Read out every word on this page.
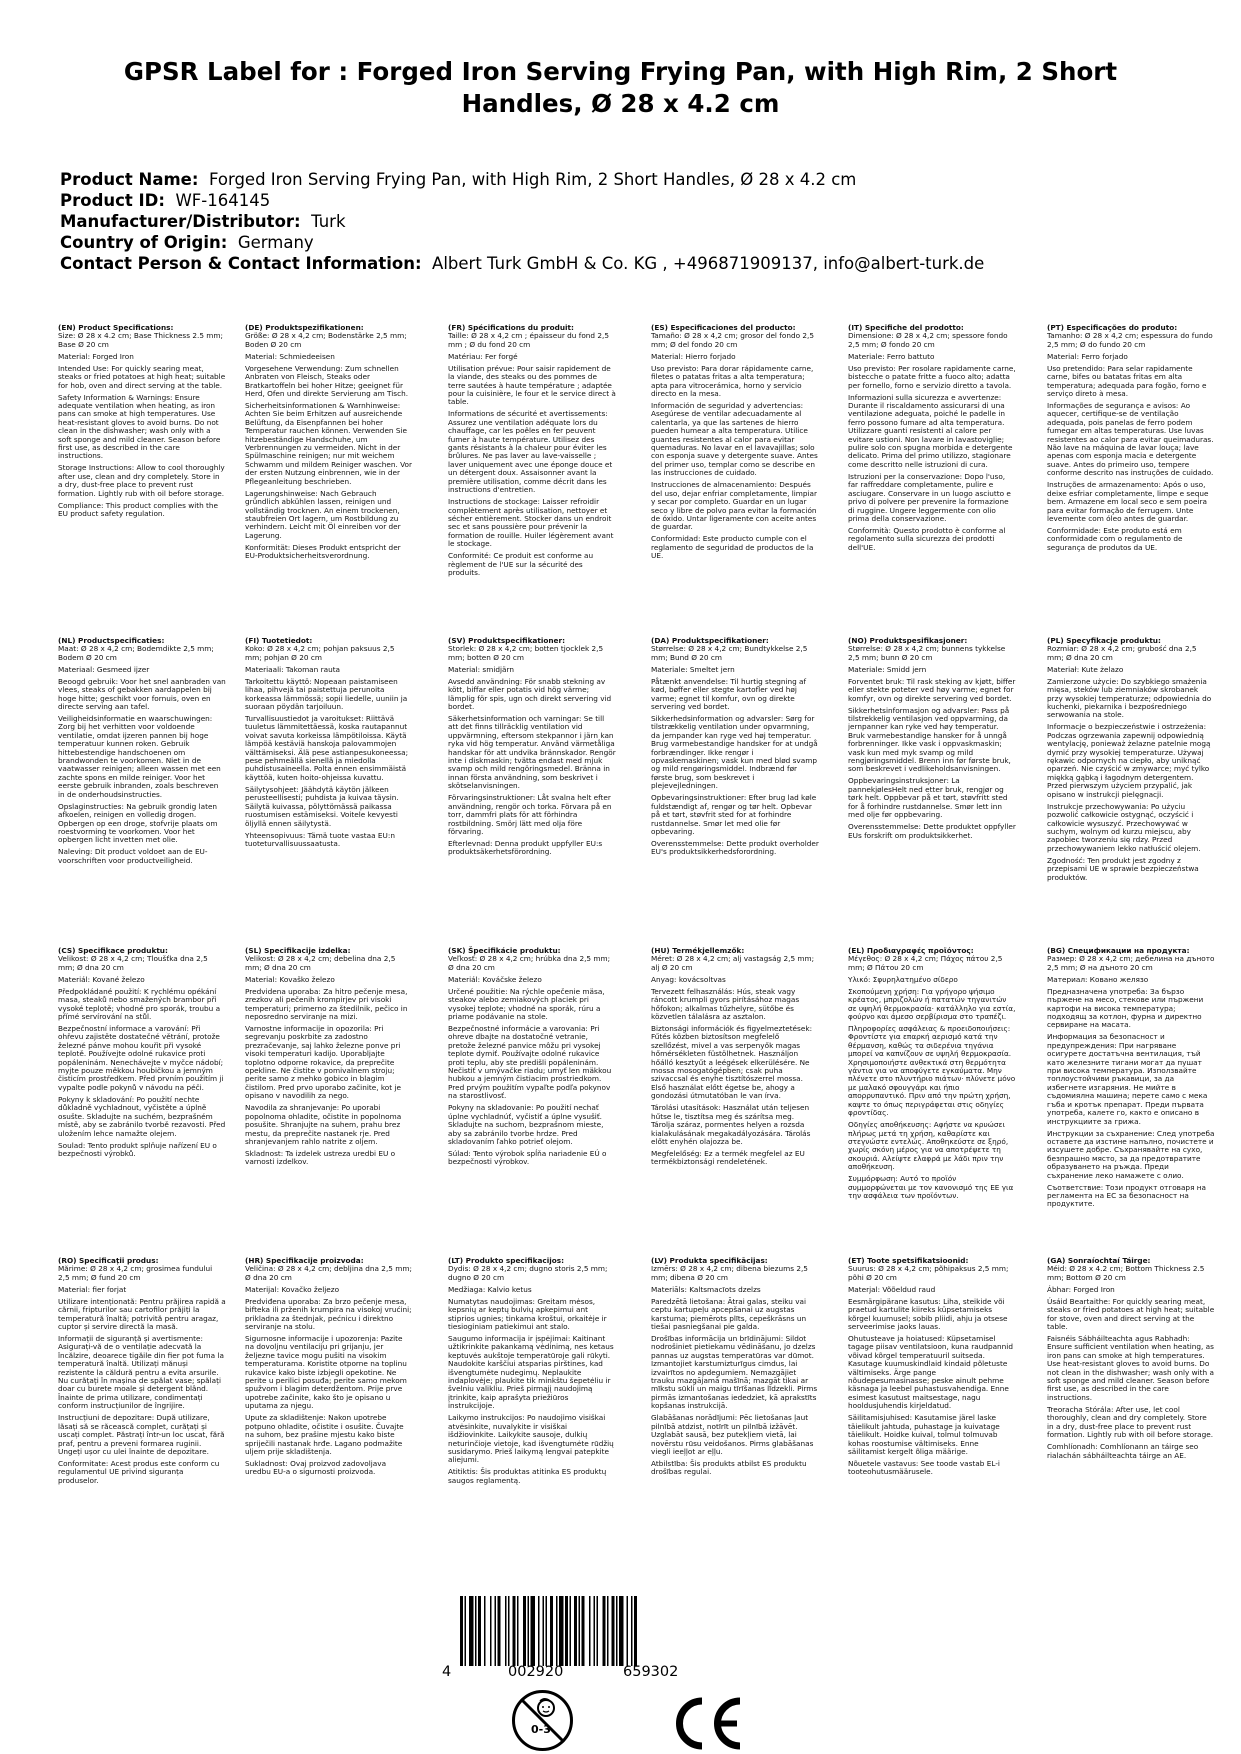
GPSR Label for : Forged Iron Serving Frying Pan, with High Rim, 2 Short Handles, Ø 28 x 4.2 cm
Product Name: Forged Iron Serving Frying Pan, with High Rim, 2 Short Handles, Ø 28 x 4.2 cm
Product ID: WF-164145
Manufacturer/Distributor: Turk
Country of Origin: Germany
Contact Person & Contact Information: Albert Turk GmbH & Co. KG , +496871909137, info@albert-turk.de
(EN) Product Specifications:

Size: Ø 28 x 4.2 cm; Base Thickness 2.5 mm; Base Ø 20 cm

Material: Forged Iron

Intended Use: For quickly searing meat, steaks or fried potatoes at high heat; suitable for hob, oven and direct serving at the table.

Safety Information & Warnings: Ensure adequate ventilation when heating, as iron pans can smoke at high temperatures. Use heat-resistant gloves to avoid burns. Do not clean in the dishwasher; wash only with a soft sponge and mild cleaner. Season before first use, as described in the care instructions.

Storage Instructions: Allow to cool thoroughly after use, clean and dry completely. Store in a dry, dust-free place to prevent rust formation. Lightly rub with oil before storage.

Compliance: This product complies with the EU product safety regulation.

(DE) Produktspezifikationen:

Größe: Ø 28 x 4,2 cm; Bodenstärke 2,5 mm; Boden Ø 20 cm

Material: Schmiedeeisen

Vorgesehene Verwendung: Zum schnellen Anbraten von Fleisch, Steaks oder Bratkartoffeln bei hoher Hitze; geeignet für Herd, Ofen und direkte Servierung am Tisch.

Sicherheitsinformationen & Warnhinweise: Achten Sie beim Erhitzen auf ausreichende Belüftung, da Eisenpfannen bei hoher Temperatur rauchen können. Verwenden Sie hitzebeständige Handschuhe, um Verbrennungen zu vermeiden. Nicht in der Spülmaschine reinigen; nur mit weichem Schwamm und mildem Reiniger waschen. Vor der ersten Nutzung einbrennen, wie in der Pflegeanleitung beschrieben.

Lagerungshinweise: Nach Gebrauch gründlich abkühlen lassen, reinigen und vollständig trocknen. An einem trockenen, staubfreien Ort lagern, um Rostbildung zu verhindern. Leicht mit Öl einreiben vor der Lagerung.

Konformität: Dieses Produkt entspricht der EU-Produktsicherheitsverordnung.

(FR) Spécifications du produit:

Taille: Ø 28 x 4,2 cm ; épaisseur du fond 2,5 mm ; Ø du fond 20 cm

Matériau: Fer forgé

Utilisation prévue: Pour saisir rapidement de la viande, des steaks ou des pommes de terre sautées à haute température ; adaptée pour la cuisinière, le four et le service direct à table.

Informations de sécurité et avertissements: Assurez une ventilation adéquate lors du chauffage, car les poêles en fer peuvent fumer à haute température. Utilisez des gants résistants à la chaleur pour éviter les brûlures. Ne pas laver au lave-vaisselle ; laver uniquement avec une éponge douce et un détergent doux. Assaisonner avant la première utilisation, comme décrit dans les instructions d'entretien.

Instructions de stockage: Laisser refroidir complètement après utilisation, nettoyer et sécher entièrement. Stocker dans un endroit sec et sans poussière pour prévenir la formation de rouille. Huiler légèrement avant le stockage.

Conformité: Ce produit est conforme au règlement de l'UE sur la sécurité des produits.

(ES) Especificaciones del producto:

Tamaño: Ø 28 x 4,2 cm; grosor del fondo 2,5 mm; Ø del fondo 20 cm

Material: Hierro forjado

Uso previsto: Para dorar rápidamente carne, filetes o patatas fritas a alta temperatura; apta para vitrocerámica, horno y servicio directo en la mesa.

Información de seguridad y advertencias: Asegúrese de ventilar adecuadamente al calentarla, ya que las sartenes de hierro pueden humear a alta temperatura. Utilice guantes resistentes al calor para evitar quemaduras. No lavar en el lavavajillas; solo con esponja suave y detergente suave. Antes del primer uso, templar como se describe en las instrucciones de cuidado.

Instrucciones de almacenamiento: Después del uso, dejar enfriar completamente, limpiar y secar por completo. Guardar en un lugar seco y libre de polvo para evitar la formación de óxido. Untar ligeramente con aceite antes de guardar.

Conformidad: Este producto cumple con el reglamento de seguridad de productos de la UE.

(IT) Specifiche del prodotto:

Dimensione: Ø 28 x 4,2 cm; spessore fondo 2,5 mm; Ø fondo 20 cm

Materiale: Ferro battuto

Uso previsto: Per rosolare rapidamente carne, bistecche o patate fritte a fuoco alto; adatta per fornello, forno e servizio diretto a tavola.

Informazioni sulla sicurezza e avvertenze: Durante il riscaldamento assicurarsi di una ventilazione adeguata, poiché le padelle in ferro possono fumare ad alta temperatura. Utilizzare guanti resistenti al calore per evitare ustioni. Non lavare in lavastoviglie; pulire solo con spugna morbida e detergente delicato. Prima del primo utilizzo, stagionare come descritto nelle istruzioni di cura.

Istruzioni per la conservazione: Dopo l'uso, far raffreddare completamente, pulire e asciugare. Conservare in un luogo asciutto e privo di polvere per prevenire la formazione di ruggine. Ungere leggermente con olio prima della conservazione.

Conformità: Questo prodotto è conforme al regolamento sulla sicurezza dei prodotti dell'UE.

(PT) Especificações do produto:

Tamanho: Ø 28 x 4,2 cm; espessura do fundo 2,5 mm; Ø do fundo 20 cm

Material: Ferro forjado

Uso pretendido: Para selar rapidamente carne, bifes ou batatas fritas em alta temperatura; adequada para fogão, forno e serviço direto à mesa.

Informações de segurança e avisos: Ao aquecer, certifique-se de ventilação adequada, pois panelas de ferro podem fumegar em altas temperaturas. Use luvas resistentes ao calor para evitar queimaduras. Não lave na máquina de lavar louça; lave apenas com esponja macia e detergente suave. Antes do primeiro uso, tempere conforme descrito nas instruções de cuidado.

Instruções de armazenamento: Após o uso, deixe esfriar completamente, limpe e seque bem. Armazene em local seco e sem poeira para evitar formação de ferrugem. Unte levemente com óleo antes de guardar.

Conformidade: Este produto está em conformidade com o regulamento de segurança de produtos da UE.

(NL) Productspecificaties:

Maat: Ø 28 x 4,2 cm; Bodemdikte 2,5 mm; Bodem Ø 20 cm

Materiaal: Gesmeed ijzer

Beoogd gebruik: Voor het snel aanbraden van vlees, steaks of gebakken aardappelen bij hoge hitte; geschikt voor fornuis, oven en directe serving aan tafel.

Veiligheidsinformatie en waarschuwingen: Zorg bij het verhitten voor voldoende ventilatie, omdat ijzeren pannen bij hoge temperatuur kunnen roken. Gebruik hittebestendige handschoenen om brandwonden te voorkomen. Niet in de vaatwasser reinigen; alleen wassen met een zachte spons en milde reiniger. Voor het eerste gebruik inbranden, zoals beschreven in de onderhoudsinstructies.

Opslaginstructies: Na gebruik grondig laten afkoelen, reinigen en volledig drogen. Opbergen op een droge, stofvrije plaats om roestvorming te voorkomen. Voor het opbergen licht invetten met olie.

Naleving: Dit product voldoet aan de EU-voorschriften voor productveiligheid.

(FI) Tuotetiedot:

Koko: Ø 28 x 4,2 cm; pohjan paksuus 2,5 mm; pohjan Ø 20 cm

Materiaali: Takoman rauta

Tarkoitettu käyttö: Nopeaan paistamiseen lihaa, pihvejä tai paistettuja perunoita korkeassa lämmössä; sopii liedelle, uuniin ja suoraan pöydän tarjoiluun.

Turvallisuustiedot ja varoitukset: Riittävä tuuletus lämmitettäessä, koska rautapannut voivat savuta korkeissa lämpötiloissa. Käytä lämpöä kestäviä hanskoja palovammojen välttämiseksi. Älä pese astianpesukoneessa; pese pehmeällä sienellä ja miedolla puhdistusaineella. Polta ennen ensimmäistä käyttöä, kuten hoito-ohjeissa kuvattu.

Säilytysohjeet: Jäähdytä käytön jälkeen perusteellisesti; puhdista ja kuivaa täysin. Säilytä kuivassa, pölyttömässä paikassa ruostumisen estämiseksi. Voitele kevyesti öljyllä ennen säilytystä.

Yhteensopivuus: Tämä tuote vastaa EU:n tuoteturvallisuussaatusta.

(SV) Produktspecifikationer:

Storlek: Ø 28 x 4,2 cm; botten tjocklek 2,5 mm; botten Ø 20 cm

Material: smidjärn

Avsedd användning: För snabb stekning av kött, biffar eller potatis vid hög värme; lämplig för spis, ugn och direkt servering vid bordet.

Säkerhetsinformation och varningar: Se till att det finns tillräcklig ventilation vid uppvärmning, eftersom stekpannor i järn kan ryka vid hög temperatur. Använd värmetåliga handskar för att undvika brännskador. Rengör inte i diskmaskin; tvätta endast med mjuk svamp och mild rengöringsmedel. Bränna in innan första användning, som beskrivet i skötselanvisningen.

Förvaringsinstruktioner: Låt svalna helt efter användning, rengör och torka. Förvara på en torr, dammfri plats för att förhindra rostbildning. Smörj lätt med olja före förvaring.

Efterlevnad: Denna produkt uppfyller EU:s produktsäkerhetsförordning.

(DA) Produktspecifikationer:

Størrelse: Ø 28 x 4,2 cm; Bundtykkelse 2,5 mm; Bund Ø 20 cm

Materiale: Smeltet jern

Påtænkt anvendelse: Til hurtig stegning af kød, bøffer eller stegte kartofler ved høj varme; egnet til komfur, ovn og direkte servering ved bordet.

Sikkerhedsinformation og advarsler: Sørg for tilstrækkelig ventilation under opvarmning, da jernpander kan ryge ved høj temperatur. Brug varmebestandige handsker for at undgå forbrændinger. Ikke rengør i opvaskemaskinen; vask kun med blød svamp og mild rengøringsmiddel. Indbrænd før første brug, som beskrevet i plejevejledningen.

Opbevaringsinstruktioner: Efter brug lad køle fuldstændigt af, rengør og tør helt. Opbevar på et tørt, støvfrit sted for at forhindre rustdannelse. Smør let med olie før opbevaring.

Overensstemmelse: Dette produkt overholder EU's produktsikkerhedsforordning.

(NO) Produktspesifikasjoner:

Størrelse: Ø 28 x 4,2 cm; bunnens tykkelse 2,5 mm; bunn Ø 20 cm

Materiale: Smidd jern

Forventet bruk: Til rask steking av kjøtt, biffer eller stekte poteter ved høy varme; egnet for komfyr, ovn og direkte servering ved bordet.

Sikkerhetsinformasjon og advarsler: Pass på tilstrekkelig ventilasjon ved oppvarming, da jernpanner kan ryke ved høy temperatur. Bruk varmebestandige hansker for å unngå forbrenninger. Ikke vask i oppvaskmaskin; vask kun med myk svamp og mild rengjøringsmiddel. Brenn inn før første bruk, som beskrevet i vedlikeholdsanvisningen.

Oppbevaringsinstruksjoner: La pannekjølesHelt ned etter bruk, rengjør og tørk helt. Oppbevar på et tørt, støvfritt sted for å forhindre rustdannelse. Smør lett inn med olje før oppbevaring.

Overensstemmelse: Dette produktet oppfyller EUs forskrift om produktsikkerhet.

(PL) Specyfikacje produktu:

Rozmiar: Ø 28 x 4,2 cm; grubość dna 2,5 mm; Ø dna 20 cm

Materiał: Kute żelazo

Zamierzone użycie: Do szybkiego smażenia mięsa, steków lub ziemniaków skrobanek przy wysokiej temperaturze; odpowiednia do kuchenki, piekarnika i bezpośredniego serwowania na stole.

Informacje o bezpieczeństwie i ostrzeżenia: Podczas ogrzewania zapewnij odpowiednią wentylację, ponieważ żelazne patelnie mogą dymić przy wysokiej temperaturze. Używaj rękawic odpornych na ciepło, aby uniknąć oparzeń. Nie czyścić w zmywarce; myć tylko miękką gąbką i łagodnym detergentem. Przed pierwszym użyciem przypalić, jak opisano w instrukcji pielęgnacji.

Instrukcje przechowywania: Po użyciu pozwolić całkowicie ostygnąć, oczyścić i całkowicie wysuszyć. Przechowywać w suchym, wolnym od kurzu miejscu, aby zapobiec tworzeniu się rdzy. Przed przechowywaniem lekko natłuścić olejem.

Zgodność: Ten produkt jest zgodny z przepisami UE w sprawie bezpieczeństwa produktów.

(CS) Specifikace produktu:

Velikost: Ø 28 x 4,2 cm; Tloušťka dna 2,5 mm; Ø dna 20 cm

Materiál: Kované železo

Předpokládané použití: K rychlému opékání masa, steaků nebo smažených brambor při vysoké teplotě; vhodné pro sporák, troubu a přímé servírování na stůl.

Bezpečnostní informace a varování: Při ohřevu zajistěte dostatečné větrání, protože železné pánve mohou kouřit při vysoké teplotě. Používejte odolné rukavice proti popáleninám. Nenechávejte v myčce nádobí; myjte pouze měkkou houbičkou a jemným čisticím prostředkem. Před prvním použitím ji vypalte podle pokynů v návodu na péči.

Pokyny k skladování: Po použití nechte důkladně vychladnout, vyčistěte a úplně osušte. Skladujte na suchém, bezprašném místě, aby se zabránilo tvorbě rezavosti. Před uložením lehce namažte olejem.

Soulad: Tento produkt splňuje nařízení EU o bezpečnosti výrobků.

(SL) Specifikacije izdelka:

Velikost: Ø 28 x 4,2 cm; debelina dna 2,5 mm; Ø dna 20 cm

Material: Kovaško železo

Predvidena uporaba: Za hitro pečenje mesa, zrezkov ali pečenih krompirjev pri visoki temperaturi; primerno za štedilnik, pečico in neposredno serviranje na mizi.

Varnostne informacije in opozorila: Pri segrevanju poskrbite za zadostno prezračevanje, saj lahko železne ponve pri visoki temperaturi kadijo. Uporabljajte toplotno odporne rokavice, da preprečite opekline. Ne čistite v pomivalnem stroju; perite samo z mehko gobico in blagim čistilom. Pred prvo uporabo začinite, kot je opisano v navodilih za nego.

Navodila za shranjevanje: Po uporabi popolnoma ohladite, očistite in popolnoma posušite. Shranjujte na suhem, prahu brez mestu, da preprečite nastanek rje. Pred shranjevanjem rahlo natrite z oljem.

Skladnost: Ta izdelek ustreza uredbi EU o varnosti izdelkov.

(SK) Špecifikácie produktu:

Veľkosť: Ø 28 x 4,2 cm; hrúbka dna 2,5 mm; Ø dna 20 cm

Materiál: Kováčske železo

Určené použitie: Na rýchle opečenie mäsa, steakov alebo zemiakových placiek pri vysokej teplote; vhodné na sporák, rúru a priame podávanie na stole.

Bezpečnostné informácie a varovania: Pri ohreve dbajte na dostatočné vetranie, pretože železné panvice môžu pri vysokej teplote dymiť. Používajte odolné rukavice proti teplu, aby ste predišli popáleninám. Nečistiť v umývačke riadu; umyť len mäkkou hubkou a jemným čistiacim prostriedkom. Pred prvým použitím vypaľte podľa pokynov na starostlivosť.

Pokyny na skladovanie: Po použití nechať úplne vychladnúť, vyčistiť a úplne vysušiť. Skladujte na suchom, bezprašnom mieste, aby sa zabránilo tvorbe hrdze. Pred skladovaním ľahko potrieť olejom.

Súlad: Tento výrobok spĺňa nariadenie EÚ o bezpečnosti výrobkov.

(HU) Termékjellemzők:

Méret: Ø 28 x 4,2 cm; alj vastagság 2,5 mm; alj Ø 20 cm

Anyag: kovácsoltvas

Tervezett felhasználás: Hús, steak vagy ráncott krumpli gyors pirításához magas hőfokon; alkalmas tűzhelyre, sütőbe és közvetlen tálalásra az asztalon.

Biztonsági információk és figyelmeztetések: Fűtés közben biztosítson megfelelő szellőzést, mivel a vas serpenyők magas hőmérsékleten füstölhetnek. Használjon hőálló kesztyűt a leégések elkerülésére. Ne mossa mosogatógépben; csak puha szivaccsal és enyhe tisztítószerrel mossa. Első használat előtt égetse be, ahogy a gondozási útmutatóban le van írva.

Tárolási utasítások: Használat után teljesen hűtse le, tisztítsa meg és szárítsa meg. Tárolja száraz, pormentes helyen a rozsda kialakulásának megakadályozására. Tárolás előtt enyhén olajozza be.

Megfelelőség: Ez a termék megfelel az EU termékbiztonsági rendeletének.

(EL) Προδιαγραφές προϊόντος:

Μέγεθος: Ø 28 x 4,2 cm; Πάχος πάτου 2,5 mm; Ø Πάτου 20 cm

Υλικό: Σφυρηλατημένο σίδερο

Σκοπούμενη χρήση: Για γρήγορο ψήσιμο κρέατος, μπριζολών ή πατατών τηγανιτών σε υψηλή θερμοκρασία· κατάλληλο για εστία, φούρνο και άμεσο σερβίρισμα στο τραπέζι.

Πληροφορίες ασφάλειας & προειδοποιήσεις: Φροντίστε για επαρκή αερισμό κατά την θέρμανση, καθώς τα σιδερένια τηγάνια μπορεί να καπνίζουν σε υψηλή θερμοκρασία. Χρησιμοποιήστε ανθεκτικά στη θερμότητα γάντια για να αποφύγετε εγκαύματα. Μην πλένετε στο πλυντήριο πιάτων· πλύνετε μόνο με μαλακό σφουγγάρι και ήπιο απορρυπαντικό. Πριν από την πρώτη χρήση, καψτε το όπως περιγράφεται στις οδηγίες φροντίδας.

Οδηγίες αποθήκευσης: Αφήστε να κρυώσει πλήρως μετά τη χρήση, καθαρίστε και στεγνώστε εντελώς. Αποθηκεύστε σε ξηρό, χωρίς σκόνη μέρος για να αποτρέψετε τη σκουριά. Αλείψτε ελαφρά με λάδι πριν την αποθήκευση.

Συμμόρφωση: Αυτό το προϊόν συμμορφώνεται με τον κανονισμό της ΕΕ για την ασφάλεια των προϊόντων.

(BG) Спецификации на продукта:

Размер: Ø 28 x 4,2 cm; дебелина на дъното 2,5 mm; Ø на дъното 20 cm

Материал: Ковано желязо

Предназначена употреба: За бързо пържене на месо, стекове или пържени картофи на висока температура; подходящ за котлон, фурна и директно сервиране на масата.

Информация за безопасност и предупреждения: При нагряване осигурете достатъчна вентилация, тъй като железните тигани могат да пушат при висока температура. Използвайте топлоустойчиви ръкавици, за да избегнете изгаряния. Не мийте в съдомиялна машина; перете само с мека гъба и кротък препарат. Преди първата употреба, калете го, както е описано в инструкциите за грижа.

Инструкции за съхранение: След употреба оставете да изстине напълно, почистете и изсушете добре. Съхранявайте на сухо, безпрашно място, за да предотвратите образуването на ръжда. Преди съхранение леко намажете с олио.

Съответствие: Този продукт отговаря на регламента на ЕС за безопасност на продуктите.

(RO) Specificații produs:

Mărime: Ø 28 x 4,2 cm; grosimea fundului 2,5 mm; Ø fund 20 cm

Material: fier forjat

Utilizare intenționată: Pentru prăjirea rapidă a cărnii, fripturilor sau cartofilor prăjiți la temperatură înaltă; potrivită pentru aragaz, cuptor și servire directă la masă.

Informații de siguranță și avertismente: Asigurați-vă de o ventilație adecvată la încălzire, deoarece tigăile din fier pot fuma la temperatură înaltă. Utilizați mănuși rezistente la căldură pentru a evita arsurile. Nu curățați în mașina de spălat vase; spălați doar cu burete moale și detergent blând. Înainte de prima utilizare, condimentați conform instrucțiunilor de îngrijire.

Instrucțiuni de depozitare: După utilizare, lăsați să se răcească complet, curățați și uscați complet. Păstrați într-un loc uscat, fără praf, pentru a preveni formarea ruginii. Ungeți ușor cu ulei înainte de depozitare.

Conformitate: Acest produs este conform cu regulamentul UE privind siguranța produselor.

(HR) Specifikacije proizvoda:

Veličina: Ø 28 x 4,2 cm; debljina dna 2,5 mm; Ø dna 20 cm

Materijal: Kovačko željezo

Predviđena uporaba: Za brzo pečenje mesa, bifteka ili prženih krumpira na visokoj vrućini; prikladna za štednjak, pećnicu i direktno serviranje na stolu.

Sigurnosne informacije i upozorenja: Pazite na dovoljnu ventilaciju pri grijanju, jer željezne tavice mogu pušiti na visokim temperaturama. Koristite otporne na toplinu rukavice kako biste izbjegli opekotine. Ne perite u perilici posuđa; perite samo mekom spužvom i blagim deterdžentom. Prije prve upotrebe začinite, kako što je opisano u uputama za njegu.

Upute za skladištenje: Nakon upotrebe potpuno ohladite, očistite i osušite. Čuvajte na suhom, bez prašine mjestu kako biste spriječili nastanak hrđe. Lagano podmažite uljem prije skladištenja.

Sukladnost: Ovaj proizvod zadovoljava uredbu EU-a o sigurnosti proizvoda.

(LT) Produkto specifikacijos:

Dydis: Ø 28 x 4,2 cm; dugno storis 2,5 mm; dugno Ø 20 cm

Medžiaga: Kalvio ketus

Numatytas naudojimas: Greitam mėsos, kepsnių ar keptų bulvių apkepimui ant stiprios ugnies; tinkama kroštui, orkaitėje ir tiesioginiam patiekimui ant stalo.

Saugumo informacija ir įspėjimai: Kaitinant užtikrinkite pakankamą vėdinimą, nes ketaus keptuvės aukštoje temperatūroje gali rūkyti. Naudokite karščiui atsparias pirštines, kad išvengtumėte nudegimų. Neplaukite indaplovėje; plaukite tik minkštu šepetėliu ir švelniu valikliu. Prieš pirmąjį naudojimą įtrinkite, kaip aprašyta priežiūros instrukcijoje.

Laikymo instrukcijos: Po naudojimo visiškai atvėsinkite, nuvalykite ir visiškai išdžiovinkite. Laikykite sausoje, dulkių neturinčioje vietoje, kad išvengtumėte rūdžių susidarymo. Prieš laikymą lengvai patepkite aliejumi.

Atitiktis: Šis produktas atitinka ES produktų saugos reglamentą.

(LV) Produkta specifikācijas:

Izmērs: Ø 28 x 4,2 cm; dibena biezums 2,5 mm; dibena Ø 20 cm

Materiāls: Kaltsmacīots dzelzs

Paredzētā lietošana: Ātrai galas, steiku vai ceptu kartupeļu apcepšanai uz augstas karstuma; piemērots plīts, cepeškrāsns un tiešai pasniegšanai pie galda.

Drošības informācija un brīdinājumi: Sildot nodrošiniet pietiekamu vēdināšanu, jo dzelzs pannas uz augstas temperatūras var dūmot. Izmantojiet karstumizturīgus cimdus, lai izvairītos no apdegumiem. Nemazgājiet trauku mazgājamā mašīnā; mazgāt tikai ar mīkstu sūkli un maigu tīrīšanas līdzekli. Pirms pirmās izmantošanas iededziet, kā aprakstīts kopšanas instrukcijā.

Glabāšanas norādījumi: Pēc lietošanas ļaut pilnībā atdzist, notīrīt un pilnībā izžāvēt. Uzglabāt sausā, bez putekļiem vietā, lai novērstu rūsu veidošanos. Pirms glabāšanas viegli ieeļļot ar eļļu.

Atbilstība: Šis produkts atbilst ES produktu drošības regulai.

(ET) Toote spetsifikatsioonid:

Suurus: Ø 28 x 4,2 cm; põhipaksus 2,5 mm; põhi Ø 20 cm

Materjal: Võõeldud raud

Eesmärgipärane kasutus: Liha, steikide või praetud kartulite kiireks küpsetamiseks kõrgel kuumusel; sobib pliidi, ahju ja otsese serveerimise jaoks lauas.

Ohutusteave ja hoiatused: Küpsetamisel tagage piisav ventilatsioon, kuna raudpannid võivad kõrgel temperatuuril suitseda. Kasutage kuumuskindlaid kindaid põletuste vältimiseks. Ärge pange nõudepesumasinasse; peske ainult pehme käsnaga ja leebel puhastusvahendiga. Enne esimest kasutust maitsestage, nagu hooldusjuhendis kirjeldatud.

Säilitamisjuhised: Kasutamise järel laske täielikult jahtuda, puhastage ja kuivatage täielikult. Hoidke kuival, tolmul tolmuvab kohas roostumise vältimiseks. Enne säilitamist kergelt õliga määrige.

Nõuetele vastavus: See toode vastab EL-i tooteohutusmäärusele.

(GA) Sonraíochtaí Táirge:

Méid: Ø 28 x 4.2 cm; Bottom Thickness 2.5 mm; Bottom Ø 20 cm

Ábhar: Forged Iron

Úsáid Beartaithe: For quickly searing meat, steaks or fried potatoes at high heat; suitable for stove, oven and direct serving at the table.

Faisnéis Sábháilteachta agus Rabhadh: Ensure sufficient ventilation when heating, as iron pans can smoke at high temperatures. Use heat-resistant gloves to avoid burns. Do not clean in the dishwasher; wash only with a soft sponge and mild cleaner. Season before first use, as described in the care instructions.

Treoracha Stórála: After use, let cool thoroughly, clean and dry completely. Store in a dry, dust-free place to prevent rust formation. Lightly rub with oil before storage.

Comhlíonadh: Comhlíonann an táirge seo rialachán sábháilteachta táirge an AE.

4	002920	659302
0-3
